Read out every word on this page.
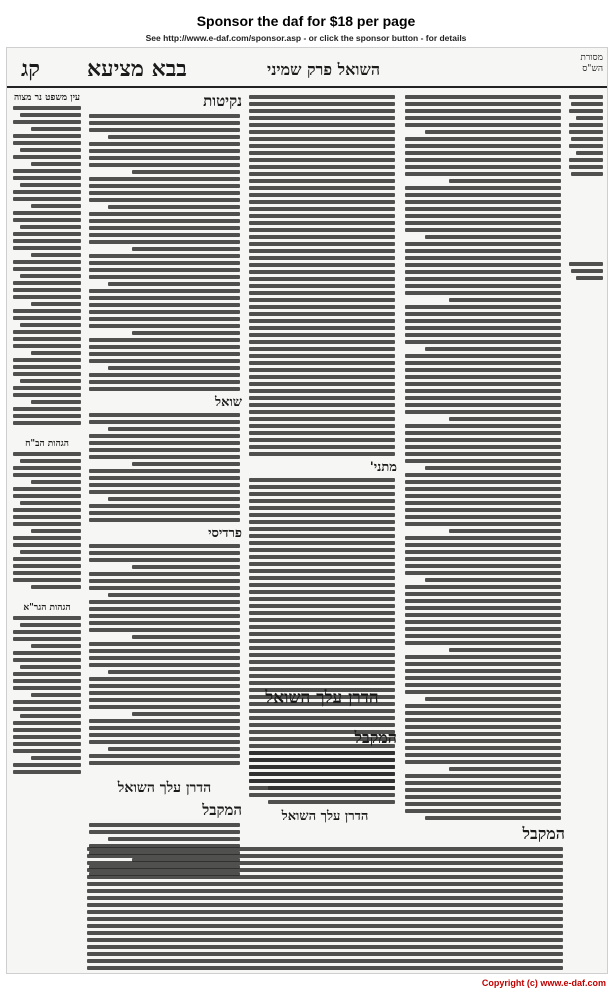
Sponsor the daf for $18 per page
See http://www.e-daf.com/sponsor.asp - or click the sponsor button - for details
קג בבא מציעא	השואל פרק שמיני
מסורת הש"ס
עין משפט נר מצוה
הגהות הב"ח
הגהות הגר"א
נקיטות
שואל
פרדיסי
הדרן עלך השואל
המקבל
מתני'
הדרן עלך השואל
המקבל
הדרן עלך השואל
המקבל
Copyright (c) www.e-daf.com
